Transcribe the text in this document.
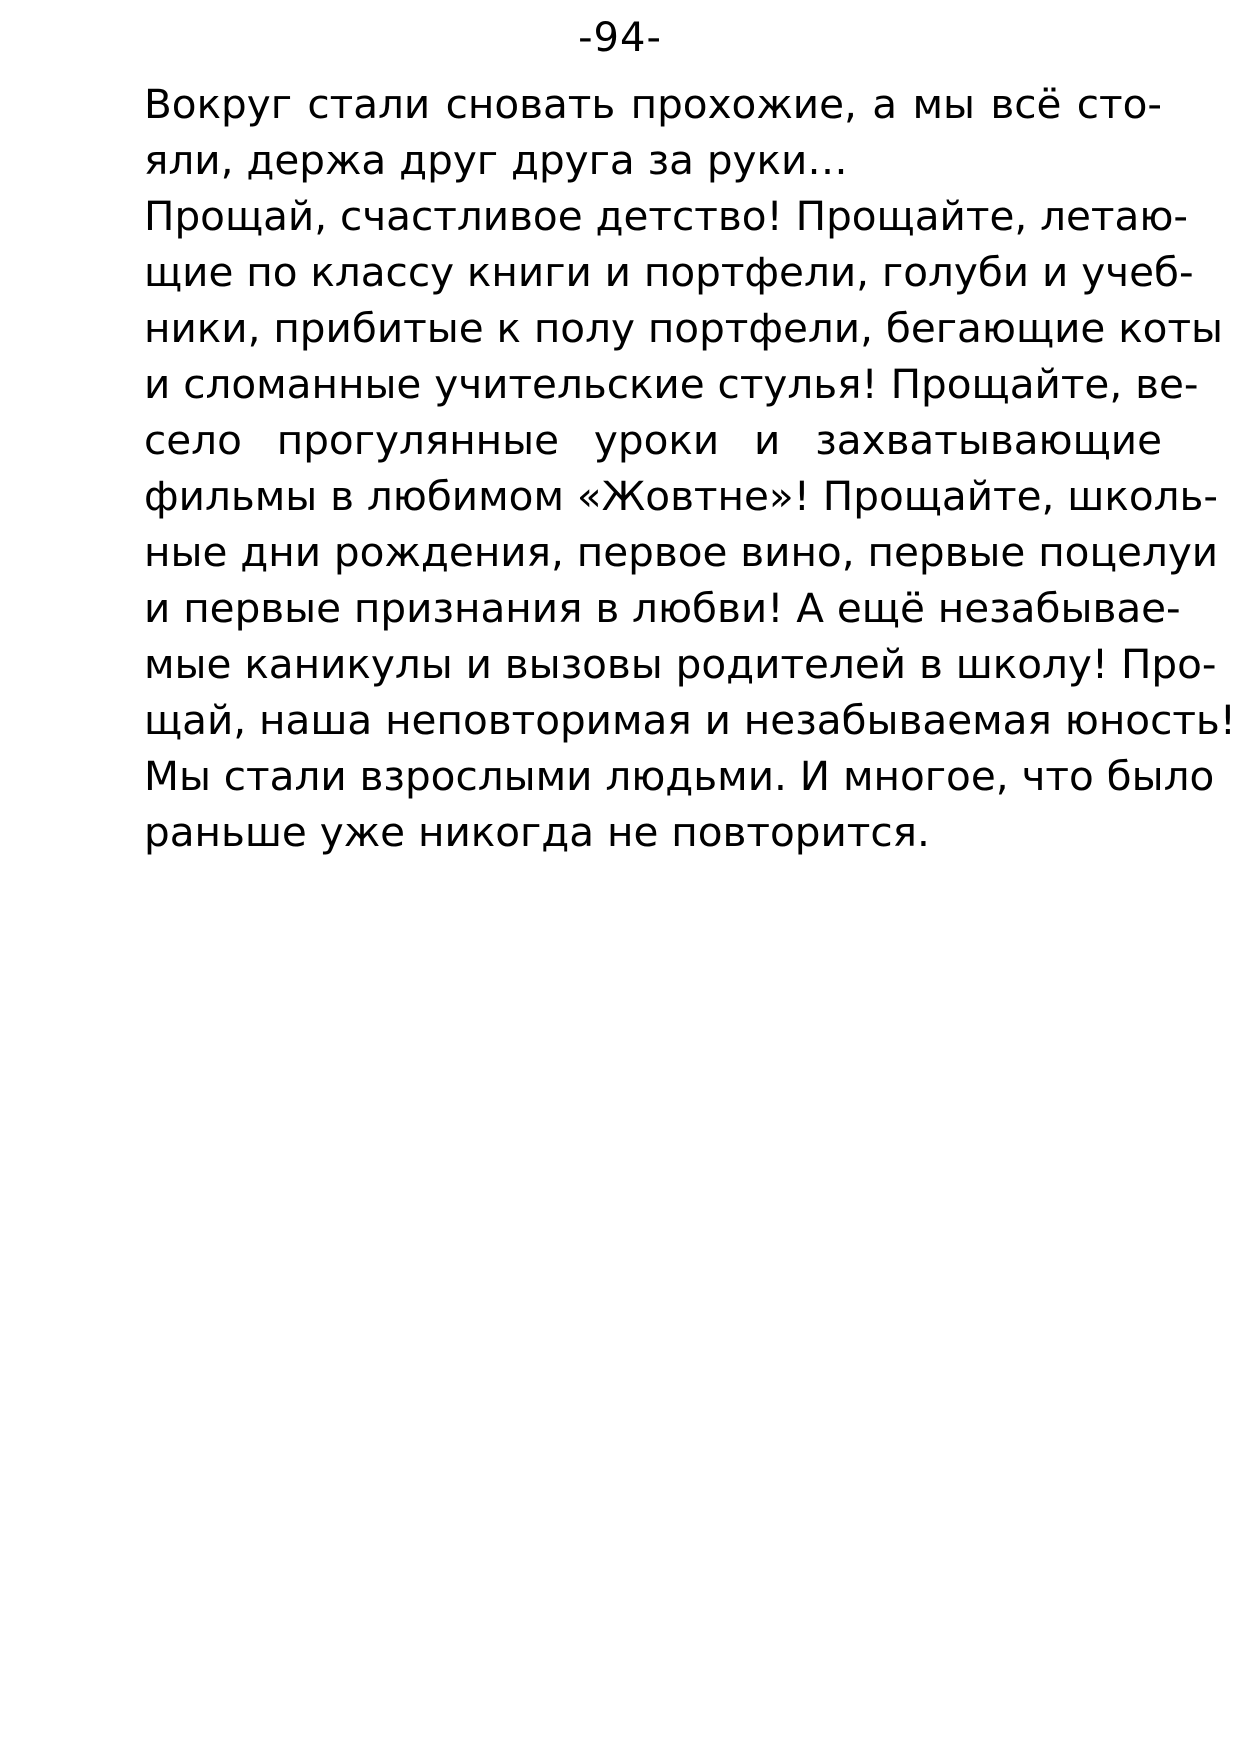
-94-

Вокруг стали сновать прохожие, а мы всё сто-
яли, держа друг друга за руки…

Прощай, счастливое детство! Прощайте, летаю-
щие по классу книги и портфели, голуби и учеб-
ники, прибитые к полу портфели, бегающие коты
и сломанные учительские стулья! Прощайте, ве-
село прогулянные уроки и захватывающие
фильмы в любимом «Жовтне»! Прощайте, школь-
ные дни рождения, первое вино, первые поцелуи
и первые признания в любви! А ещё незабывае-
мые каникулы и вызовы родителей в школу! Про-
щай, наша неповторимая и незабываемая юность!
Мы стали взрослыми людьми. И многое, что было
раньше уже никогда не повторится.
